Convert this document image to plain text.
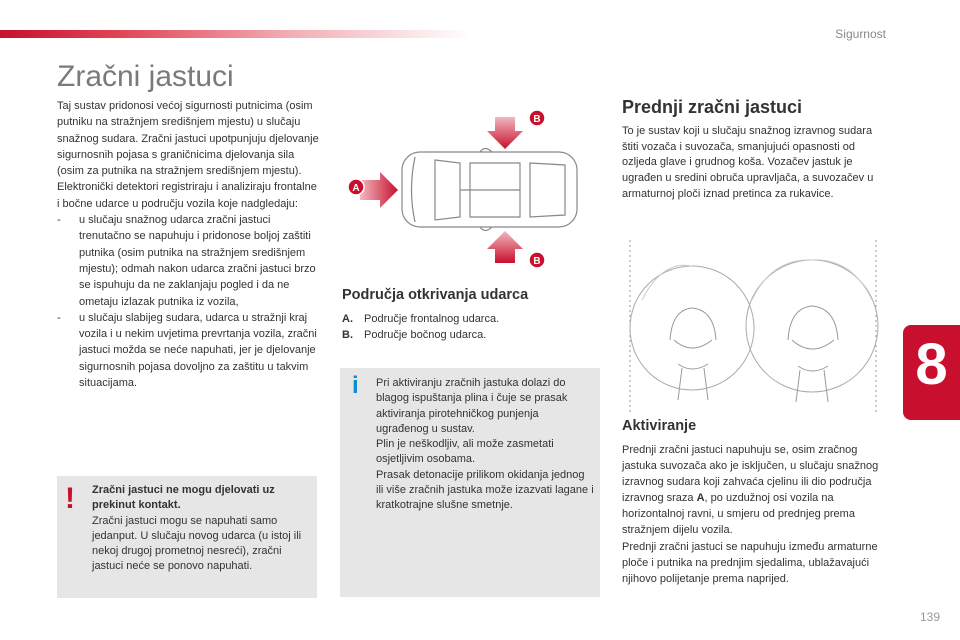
Sigurnost
Zračni jastuci

Taj sustav pridonosi većoj sigurnosti putnicima (osim putniku na stražnjem središnjem mjestu) u slučaju snažnog sudara. Zračni jastuci upotpunjuju djelovanje sigurnosnih pojasa s graničnicima djelovanja sila (osim za putnika na stražnjem središnjem mjestu).

Elektronički detektori registriraju i analiziraju frontalne i bočne udarce u području vozila koje nadgledaju:

-	u slučaju snažnog udarca zračni jastuci trenutačno se napuhuju i pridonose boljoj zaštiti putnika (osim putnika na stražnjem središnjem mjestu); odmah nakon udarca zračni jastuci brzo se ispuhuju da ne zaklanjaju pogled i da ne ometaju izlazak putnika iz vozila,
-	u slučaju slabijeg sudara, udarca u stražnji kraj vozila i u nekim uvjetima prevrtanja vozila, zračni jastuci možda se neće napuhati, jer je djelovanje sigurnosnih pojasa dovoljno za zaštitu u takvim situacijama.
! Zračni jastuci ne mogu djelovati uz prekinut kontakt.
Zračni jastuci mogu se napuhati samo jedanput. U slučaju novog udarca (u istoj ili nekoj drugoj prometnoj nesreći), zračni jastuci neće se ponovo napuhati.
A
B
B
Područja otkrivanja udarca
A.	Područje frontalnog udarca.
B.	Područje bočnog udarca.
i Pri aktiviranju zračnih jastuka dolazi do blagog ispuštanja plina i čuje se prasak aktiviranja pirotehničkog punjenja ugrađenog u sustav.
Plin je neškodljiv, ali može zasmetati osjetljivim osobama.
Prasak detonacije prilikom okidanja jednog ili više zračnih jastuka može izazvati lagane i kratkotrajne slušne smetnje.
Prednji zračni jastuci
To je sustav koji u slučaju snažnog izravnog sudara štiti vozača i suvozača, smanjujući opasnosti od ozljeda glave i grudnog koša. Vozačev jastuk je ugrađen u sredini obruča upravljača, a suvozačev u armaturnoj ploči iznad pretinca za rukavice.
Aktiviranje
Prednji zračni jastuci napuhuju se, osim zračnog jastuka suvozača ako je isključen, u slučaju snažnog izravnog sudara koji zahvaća cjelinu ili dio područja izravnog sraza A, po uzdužnoj osi vozila na horizontalnoj ravni, u smjeru od prednjeg prema stražnjem dijelu vozila.
Prednji zračni jastuci se napuhuju između armaturne ploče i putnika na prednjim sjedalima, ublažavajući njihovo polijetanje prema naprijed.
8
139
